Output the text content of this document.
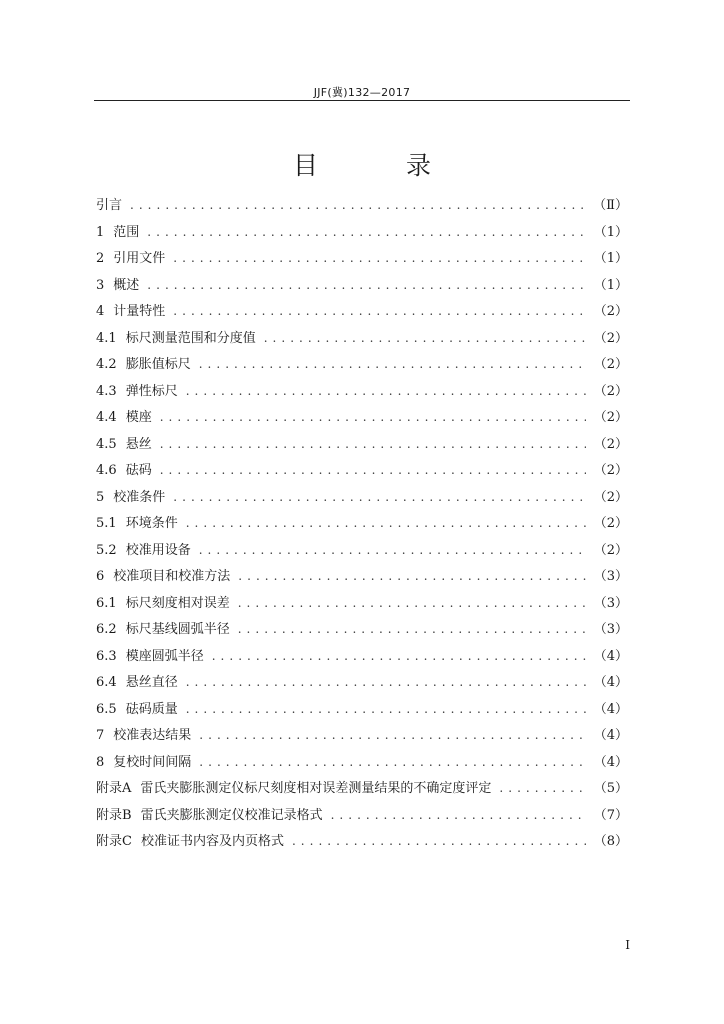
JJF(冀)132—2017
目 录
引言 . . .	（Ⅱ）
1 范围 . . .	（1）
2 引用文件 . . .	（1）
3 概述 . . .	（1）
4 计量特性 . . .	（2）
4.1 标尺测量范围和分度值 . . .	（2）
4.2 膨胀值标尺 . . .	（2）
4.3 弹性标尺 . . .	（2）
4.4 模座 . . .	（2）
4.5 悬丝 . . .	（2）
4.6 砝码 . . .	（2）
5 校准条件 . . .	（2）
5.1 环境条件 . . .	（2）
5.2 校准用设备 . . .	（2）
6 校准项目和校准方法 . . .	（3）
6.1 标尺刻度相对误差 . . .	（3）
6.2 标尺基线圆弧半径 . . .	（3）
6.3 模座圆弧半径 . . .	（4）
6.4 悬丝直径 . . .	（4）
6.5 砝码质量 . . .	（4）
7 校准表达结果 . . .	（4）
8 复校时间间隔 . . .	（4）
附录A 雷氏夹膨胀测定仪标尺刻度相对误差测量结果的不确定度评定 . . .	（5）
附录B 雷氏夹膨胀测定仪校准记录格式 . . .	（7）
附录C 校准证书内容及内页格式 . . .	（8）
I
